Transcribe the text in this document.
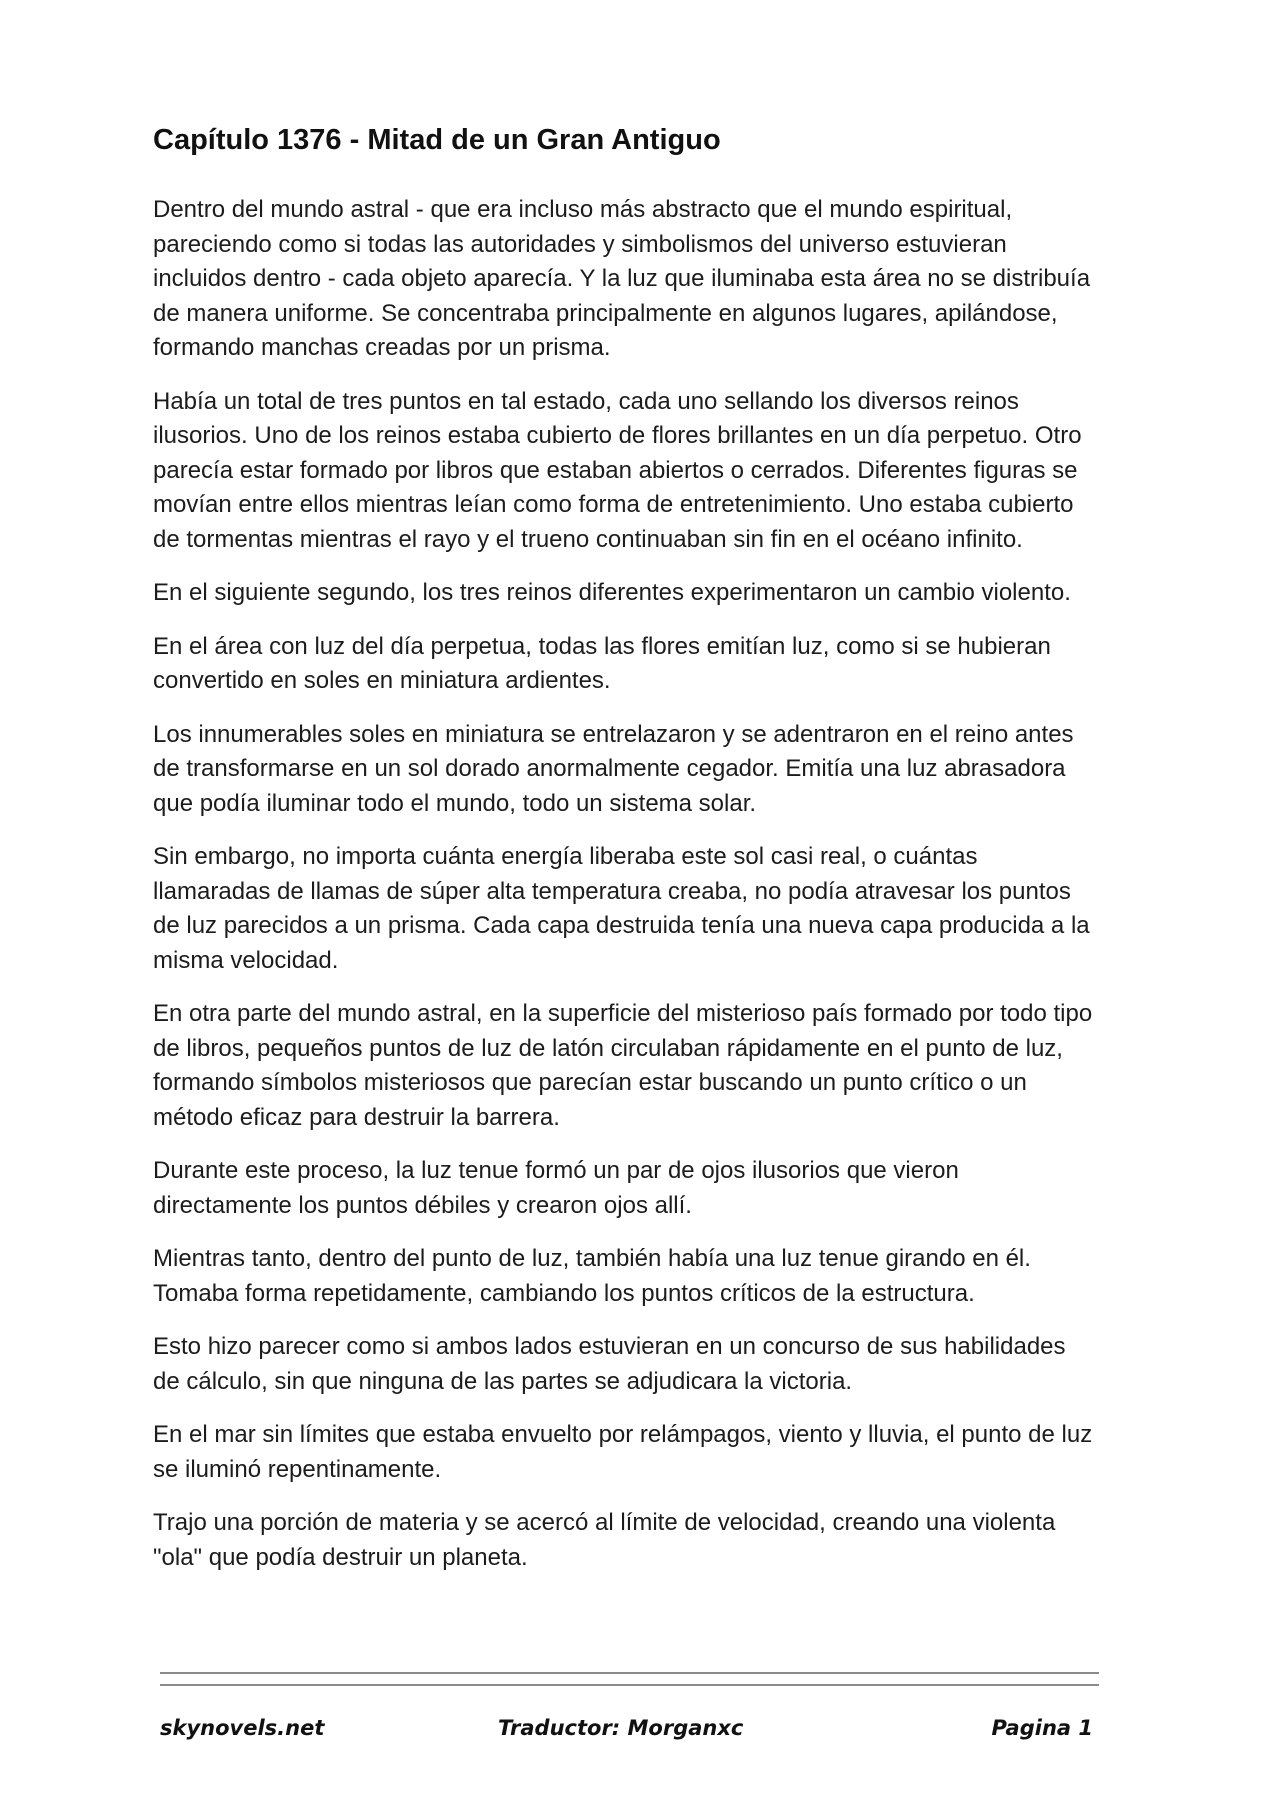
Capítulo 1376 - Mitad de un Gran Antiguo

Dentro del mundo astral - que era incluso más abstracto que el mundo espiritual, pareciendo como si todas las autoridades y simbolismos del universo estuvieran incluidos dentro - cada objeto aparecía. Y la luz que iluminaba esta área no se distribuía de manera uniforme. Se concentraba principalmente en algunos lugares, apilándose, formando manchas creadas por un prisma.

Había un total de tres puntos en tal estado, cada uno sellando los diversos reinos ilusorios. Uno de los reinos estaba cubierto de flores brillantes en un día perpetuo. Otro parecía estar formado por libros que estaban abiertos o cerrados. Diferentes figuras se movían entre ellos mientras leían como forma de entretenimiento. Uno estaba cubierto de tormentas mientras el rayo y el trueno continuaban sin fin en el océano infinito.

En el siguiente segundo, los tres reinos diferentes experimentaron un cambio violento.

En el área con luz del día perpetua, todas las flores emitían luz, como si se hubieran convertido en soles en miniatura ardientes.

Los innumerables soles en miniatura se entrelazaron y se adentraron en el reino antes de transformarse en un sol dorado anormalmente cegador. Emitía una luz abrasadora que podía iluminar todo el mundo, todo un sistema solar.

Sin embargo, no importa cuánta energía liberaba este sol casi real, o cuántas llamaradas de llamas de súper alta temperatura creaba, no podía atravesar los puntos de luz parecidos a un prisma. Cada capa destruida tenía una nueva capa producida a la misma velocidad.

En otra parte del mundo astral, en la superficie del misterioso país formado por todo tipo de libros, pequeños puntos de luz de latón circulaban rápidamente en el punto de luz, formando símbolos misteriosos que parecían estar buscando un punto crítico o un método eficaz para destruir la barrera.

Durante este proceso, la luz tenue formó un par de ojos ilusorios que vieron directamente los puntos débiles y crearon ojos allí.

Mientras tanto, dentro del punto de luz, también había una luz tenue girando en él. Tomaba forma repetidamente, cambiando los puntos críticos de la estructura.

Esto hizo parecer como si ambos lados estuvieran en un concurso de sus habilidades de cálculo, sin que ninguna de las partes se adjudicara la victoria.

En el mar sin límites que estaba envuelto por relámpagos, viento y lluvia, el punto de luz se iluminó repentinamente.

Trajo una porción de materia y se acercó al límite de velocidad, creando una violenta "ola" que podía destruir un planeta.

skynovels.net	Traductor: Morganxc	Pagina 1
